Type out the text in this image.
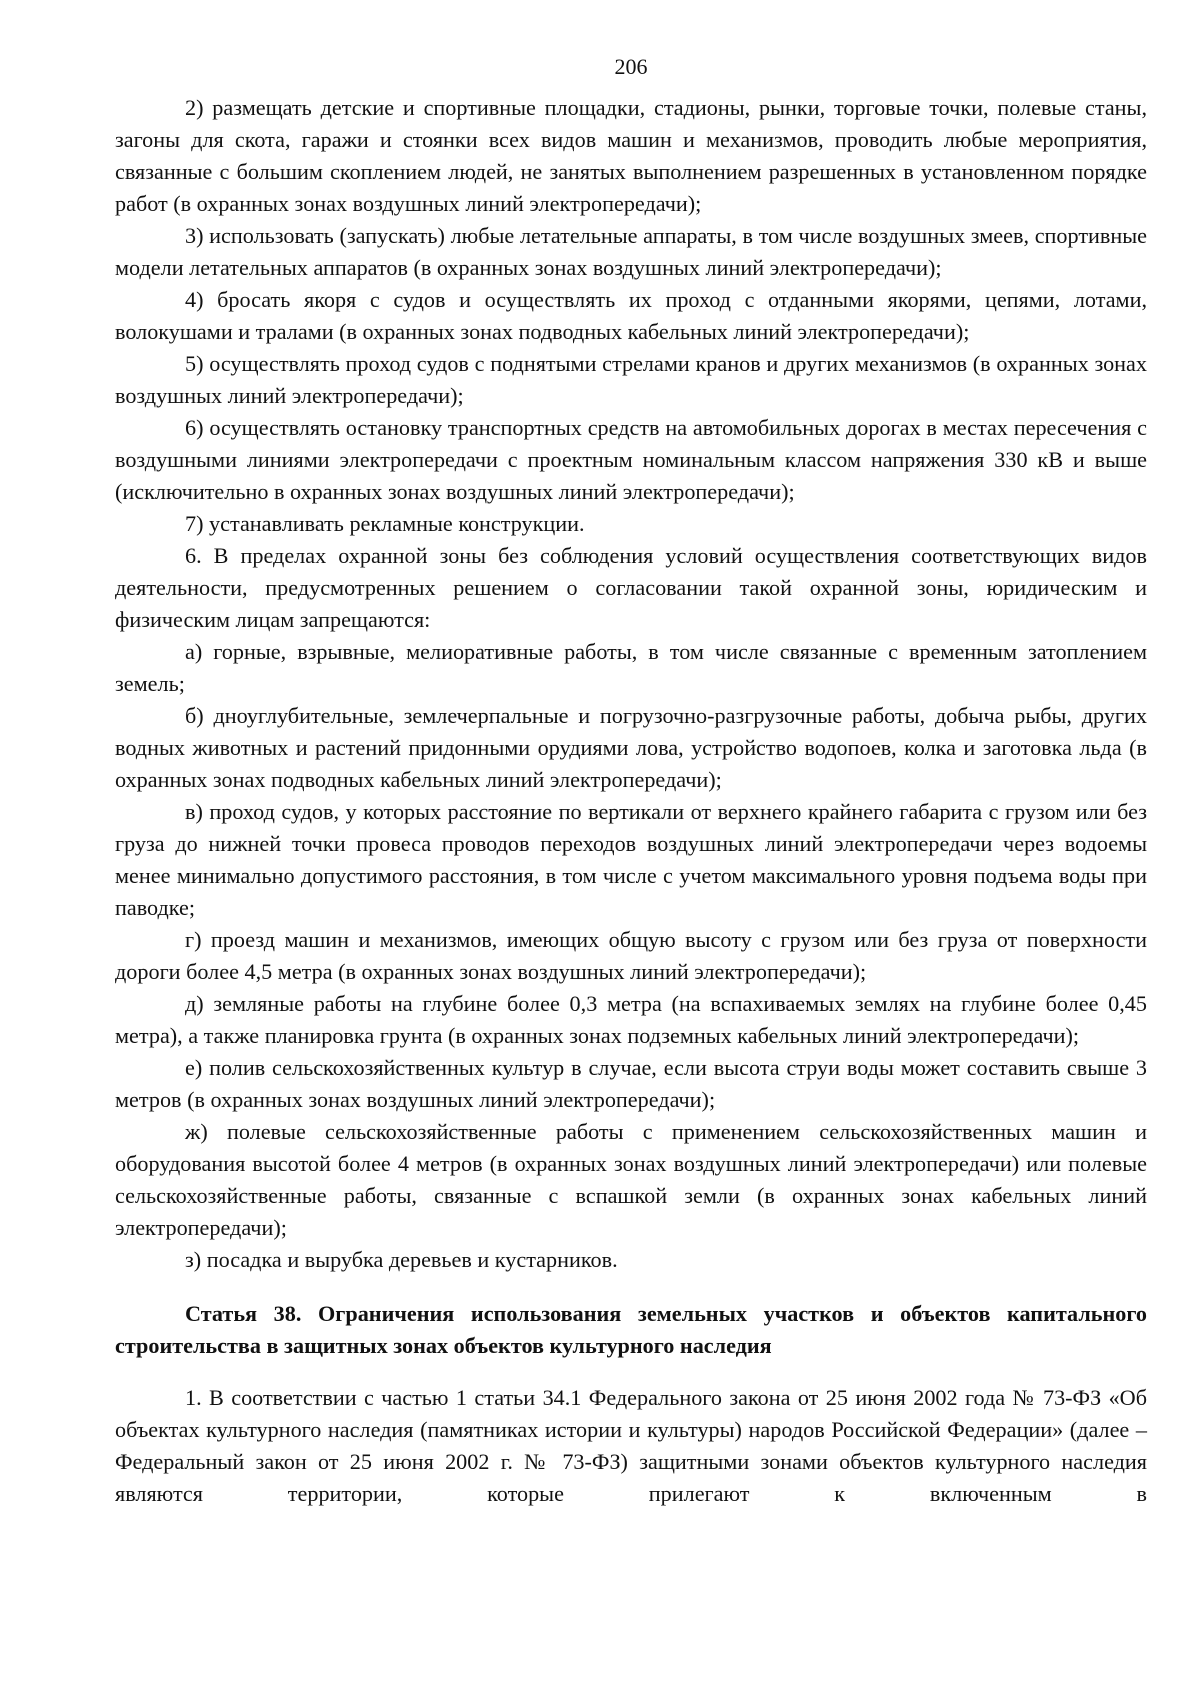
206

2) размещать детские и спортивные площадки, стадионы, рынки, торговые точки, полевые станы, загоны для скота, гаражи и стоянки всех видов машин и механизмов, проводить любые мероприятия, связанные с большим скоплением людей, не занятых выполнением разрешенных в установленном порядке работ (в охранных зонах воздушных линий электропередачи);

3) использовать (запускать) любые летательные аппараты, в том числе воздушных змеев, спортивные модели летательных аппаратов (в охранных зонах воздушных линий электропередачи);

4) бросать якоря с судов и осуществлять их проход с отданными якорями, цепями, лотами, волокушами и тралами (в охранных зонах подводных кабельных линий электропередачи);

5) осуществлять проход судов с поднятыми стрелами кранов и других механизмов (в охранных зонах воздушных линий электропередачи);

6) осуществлять остановку транспортных средств на автомобильных дорогах в местах пересечения с воздушными линиями электропередачи с проектным номинальным классом напряжения 330 кВ и выше (исключительно в охранных зонах воздушных линий электропередачи);

7) устанавливать рекламные конструкции.

6. В пределах охранной зоны без соблюдения условий осуществления соответствующих видов деятельности, предусмотренных решением о согласовании такой охранной зоны, юридическим и физическим лицам запрещаются:

а) горные, взрывные, мелиоративные работы, в том числе связанные с временным затоплением земель;

б) дноуглубительные, землечерпальные и погрузочно-разгрузочные работы, добыча рыбы, других водных животных и растений придонными орудиями лова, устройство водопоев, колка и заготовка льда (в охранных зонах подводных кабельных линий электропередачи);

в) проход судов, у которых расстояние по вертикали от верхнего крайнего габарита с грузом или без груза до нижней точки провеса проводов переходов воздушных линий электропередачи через водоемы менее минимально допустимого расстояния, в том числе с учетом максимального уровня подъема воды при паводке;

г) проезд машин и механизмов, имеющих общую высоту с грузом или без груза от поверхности дороги более 4,5 метра (в охранных зонах воздушных линий электропередачи);

д) земляные работы на глубине более 0,3 метра (на вспахиваемых землях на глубине более 0,45 метра), а также планировка грунта (в охранных зонах подземных кабельных линий электропередачи);

е) полив сельскохозяйственных культур в случае, если высота струи воды может составить свыше 3 метров (в охранных зонах воздушных линий электропередачи);

ж) полевые сельскохозяйственные работы с применением сельскохозяйственных машин и оборудования высотой более 4 метров (в охранных зонах воздушных линий электропередачи) или полевые сельскохозяйственные работы, связанные с вспашкой земли (в охранных зонах кабельных линий электропередачи);

з) посадка и вырубка деревьев и кустарников.

Статья 38. Ограничения использования земельных участков и объектов капитального строительства в защитных зонах объектов культурного наследия

1. В соответствии с частью 1 статьи 34.1 Федерального закона от 25 июня 2002 года № 73-ФЗ «Об объектах культурного наследия (памятниках истории и культуры) народов Российской Федерации» (далее – Федеральный закон от 25 июня 2002 г. № 73-ФЗ) защитными зонами объектов культурного наследия являются территории, которые прилегают к включенным в
